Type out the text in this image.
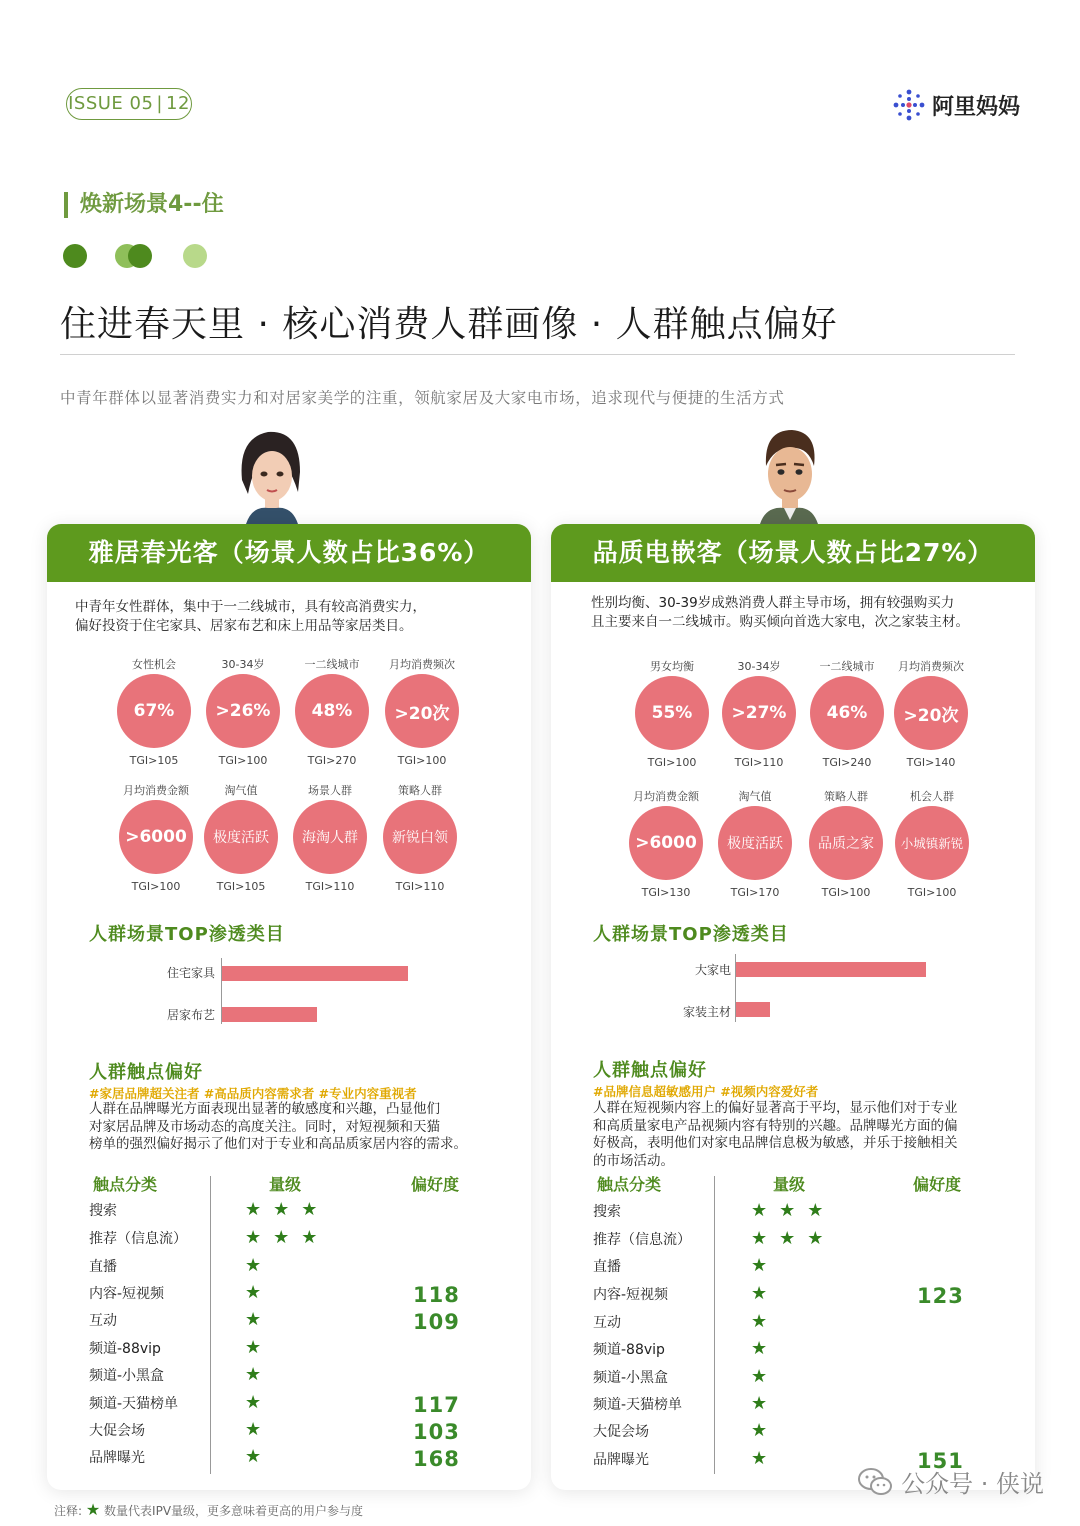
ISSUE 05 | 12	阿里妈妈
焕新场景4--住
住进春天里 · 核心消费人群画像 · 人群触点偏好
中青年群体以显著消费实力和对居家美学的注重，领航家居及大家电市场，追求现代与便捷的生活方式
雅居春光客（场景人数占比36%）
中青年女性群体，集中于一二线城市，具有较高消费实力，
偏好投资于住宅家具、居家布艺和床上用品等家居类目。
女性机会
67%
TGI>105
30-34岁
>26%
TGI>100
一二线城市
48%
TGI>270
月均消费频次
>20次
TGI>100
月均消费金额
>6000
TGI>100
淘气值
极度活跃
TGI>105
场景人群
海淘人群
TGI>110
策略人群
新锐白领
TGI>110
人群场景TOP渗透类目
住宅家具
居家布艺
人群触点偏好
#家居品牌超关注者 #高品质内容需求者 #专业内容重视者
人群在品牌曝光方面表现出显著的敏感度和兴趣，凸显他们
对家居品牌及市场动态的高度关注。同时，对短视频和天猫
榜单的强烈偏好揭示了他们对于专业和高品质家居内容的需求。
触点分类	量级	偏好度
搜索	★★★
推荐（信息流）	★★★
直播	★
内容-短视频	★	118
互动	★	109
频道-88vip	★
频道-小黑盒	★
频道-天猫榜单	★	117
大促会场	★	103
品牌曝光	★	168
品质电嵌客（场景人数占比27%）
性别均衡、30-39岁成熟消费人群主导市场，拥有较强购买力
且主要来自一二线城市。购买倾向首选大家电，次之家装主材。
男女均衡
55%
TGI>100
30-34岁
>27%
TGI>110
一二线城市
46%
TGI>240
月均消费频次
>20次
TGI>140
月均消费金额
>6000
TGI>130
淘气值
极度活跃
TGI>170
策略人群
品质之家
TGI>100
机会人群
小城镇新锐
TGI>100
人群场景TOP渗透类目
大家电
家装主材
人群触点偏好
#品牌信息超敏感用户 #视频内容爱好者
人群在短视频内容上的偏好显著高于平均，显示他们对于专业
和高质量家电产品视频内容有特别的兴趣。品牌曝光方面的偏
好极高，表明他们对家电品牌信息极为敏感，并乐于接触相关
的市场活动。
触点分类	量级	偏好度
搜索	★★★
推荐（信息流）	★★★
直播	★
内容-短视频	★	123
互动	★
频道-88vip	★
频道-小黑盒	★
频道-天猫榜单	★
大促会场	★
品牌曝光	★	151
注释: ★ 数量代表IPV量级，更多意味着更高的用户参与度
公众号 · 侠说
